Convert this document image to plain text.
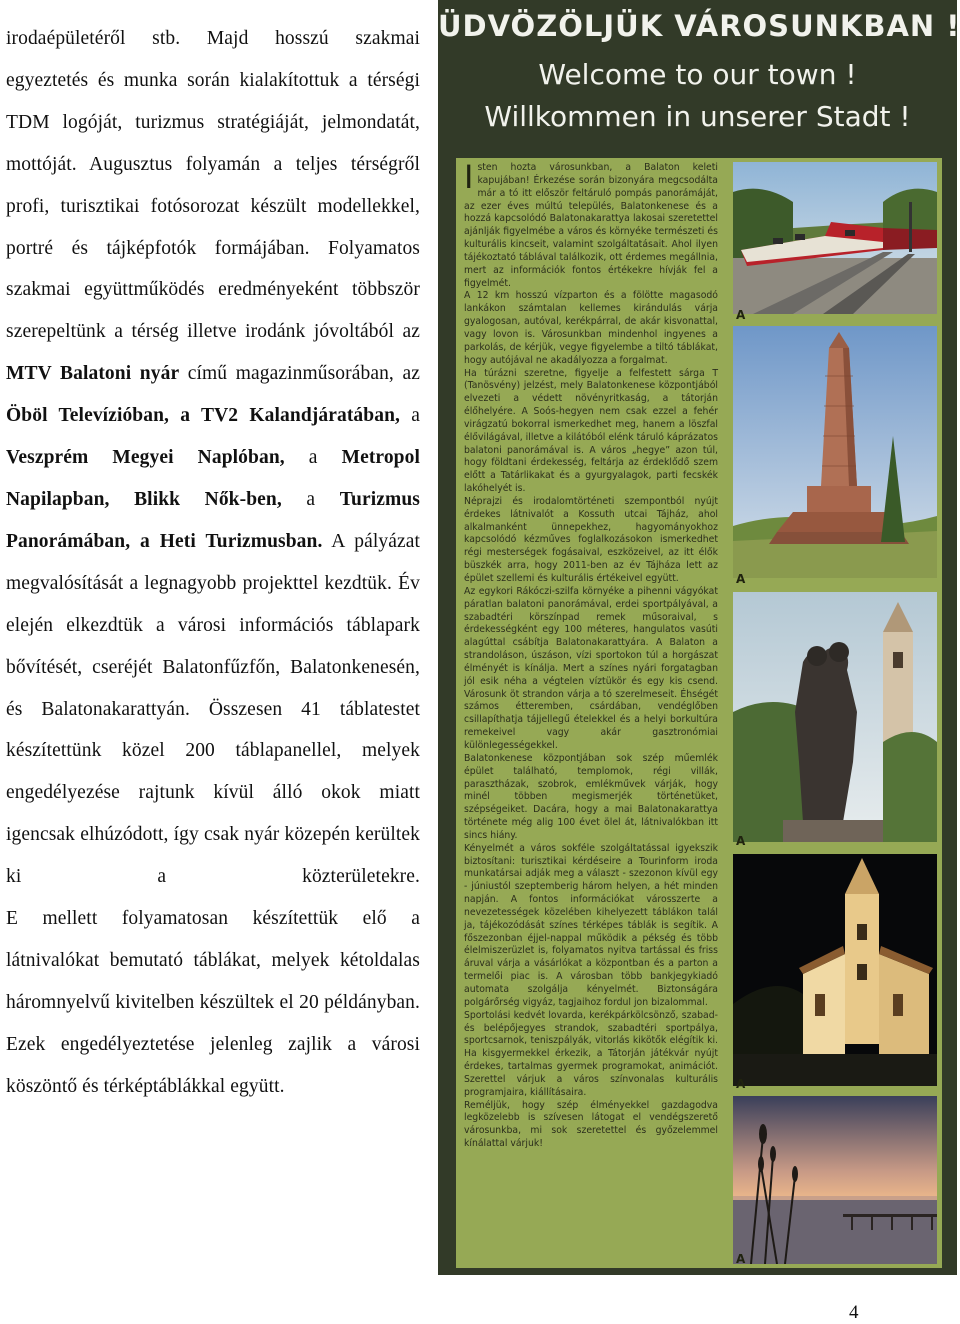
irodaépületéről stb. Majd hosszú szakmai egyeztetés és munka során kialakítottuk a térségi TDM logóját, turizmus stratégiáját, jelmondatát, mottóját. Augusztus folyamán a teljes térségről profi, turisztikai fotósorozat készült modellekkel, portré és tájképfotók formájában. Folyamatos szakmai együttműködés eredményeként többször szerepeltünk a térség illetve irodánk jóvoltából az MTV Balatoni nyár című magazinműsorában, az Öböl Televízióban, a TV2 Kalandjáratában, a Veszprém Megyei Naplóban, a Metropol Napilapban, Blikk Nők-ben, a Turizmus Panorámában, a Heti Turizmusban. A pályázat megvalósítását a legnagyobb projekttel kezdtük. Év elején elkezdtük a városi információs táblapark bővítését, cseréjét Balatonfűzfőn, Balatonkenesén, és Balatonakarattyán. Összesen 41 táblatestet készítettünk közel 200 táblapanellel, melyek engedélyezése rajtunk kívül álló okok miatt igencsak elhúzódott, így csak nyár közepén kerültek ki a közterületekre.

E mellett folyamatosan készítettük elő a látnivalókat bemutató táblákat, melyek kétoldalas háromnyelvű kivitelben készültek el 20 példányban. Ezek engedélyeztetése jelenleg zajlik a városi köszöntő és térképtáblákkal együtt.

ÜDVÖZÖLJÜK VÁROSUNKBAN !
Welcome to our town !
Willkommen in unserer Stadt !

Isten hozta városunkban, a Balaton keleti kapujában! Érkezése során bizonyára megcsodálta már a tó itt először feltáruló pompás panorámáját, az ezer éves múltú település, Balatonkenese és a hozzá kapcsolódó Balatonakarattya lakosai szeretettel ajánlják figyelmébe a város és környéke természeti és kulturális kincseit, valamint szolgáltatásait. Ahol ilyen tájékoztató táblával találkozik, ott érdemes megállnia, mert az információk fontos értékekre hívják fel a figyelmét.

A 12 km hosszú vízparton és a fölötte magasodó lankákon számtalan kellemes kirándulás várja gyalogosan, autóval, kerékpárral, de akár kisvonattal, vagy lovon is. Városunkban mindenhol ingyenes a parkolás, de kérjük, vegye figyelembe a tiltó táblákat, hogy autójával ne akadályozza a forgalmat.

Ha túrázni szeretne, figyelje a felfestett sárga T (Tanösvény) jelzést, mely Balatonkenese központjából elvezeti a védett növényritkaság, a tátorján élőhelyére. A Soós-hegyen nem csak ezzel a fehér virágzatú bokorral ismerkedhet meg, hanem a löszfal élővilágával, illetve a kilátóból elénk táruló káprázatos balatoni panorámával is. A város „hegye” azon túl, hogy földtani érdekesség, feltárja az érdeklődő szem előtt a Tatárlikakat és a gyurgyalagok, parti fecskék lakóhelyét is.

Néprajzi és irodalomtörténeti szempontból nyújt érdekes látnivalót a Kossuth utcai Tájház, ahol alkalmanként ünnepekhez, hagyományokhoz kapcsolódó kézműves foglalkozásokon ismerkedhet régi mesterségek fogásaival, eszközeivel, az itt élők büszkék arra, hogy 2011-ben az év Tájháza lett az épület szellemi és kulturális értékeivel együtt.

Az egykori Rákóczi-szilfa környéke a pihenni vágyókat páratlan balatoni panorámával, erdei sportpályával, a szabadtéri körszínpad remek műsoraival, s érdekességként egy 100 méteres, hangulatos vasúti alagúttal csábítja Balatonakarattyára. A Balaton a strandoláson, úszáson, vízi sportokon túl a horgászat élményét is kínálja. Mert a színes nyári forgatagban jól esik néha a végtelen víztükör és egy kis csend. Városunk öt strandon várja a tó szerelmeseit. Éhségét számos étteremben, csárdában, vendéglőben csillapíthatja tájjellegű ételekkel és a helyi borkultúra remekeivel vagy akár gasztronómiai különlegességekkel.

Balatonkenese központjában sok szép műemlék épület található, templomok, régi villák, parasztházak, szobrok, emlékművek várják, hogy minél többen megismerjék történetüket, szépségeiket. Dacára, hogy a mai Balatonakarattya története még alig 100 évet ölel át, látnivalókban itt sincs hiány.

Kényelmét a város sokféle szolgáltatással igyekszik biztosítani: turisztikai kérdéseire a Tourinform iroda munkatársai adják meg a választ - szezonon kívül egy - júniustól szeptemberig három helyen, a hét minden napján. A fontos információkat városszerte a nevezetességek közelében kihelyezett táblákon talál ja, tájékozódását színes térképes táblák is segítik. A főszezonban éjjel-nappal működik a pékség és több élelmiszerüzlet is, folyamatos nyitva tartással és friss áruval várja a vásárlókat a központban és a parton a termelői piac is. A városban több bankjegykiadó automata szolgálja kényelmét. Biztonságára polgárőrség vigyáz, tagjaihoz fordul jon bizalommal.

Sportolási kedvét lovarda, kerékpárkölcsönző, szabad- és belépőjegyes strandok, szabadtéri sportpálya, sportcsarnok, teniszpályák, vitorlás kikötők elégítik ki. Ha kisgyermekkel érkezik, a Tátorján játékvár nyújt érdekes, tartalmas gyermek programokat, animációt. Szerettel várjuk a város színvonalas kulturális programjaira, kiállításaira.

Reméljük, hogy szép élményekkel gazdagodva legközelebb is szívesen látogat el vendégszerető városunkba, mi sok szeretettel és győzelemmel kínálattal várjuk!

A
A
A
A
A
4
